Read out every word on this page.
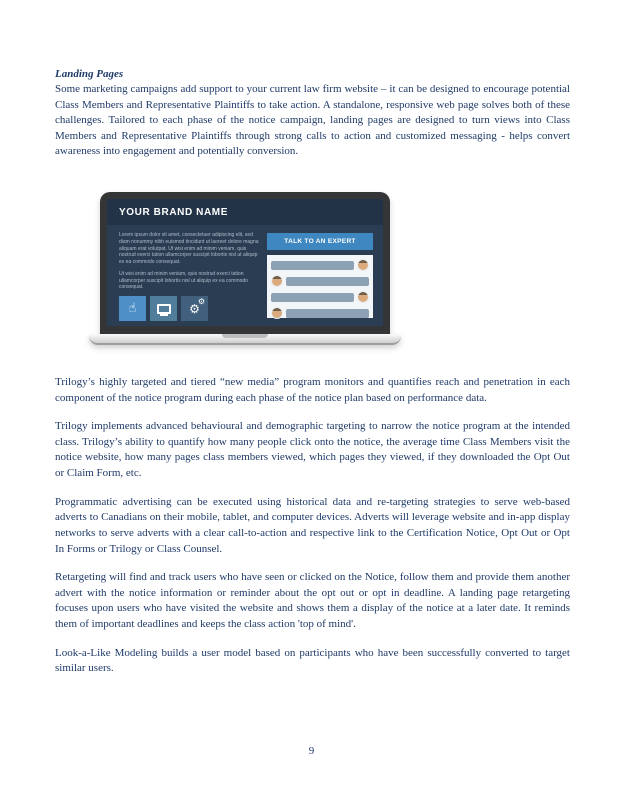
Landing Pages

Some marketing campaigns add support to your current law firm website – it can be designed to encourage potential Class Members and Representative Plaintiffs to take action. A standalone, responsive web page solves both of these challenges. Tailored to each phase of the notice campaign, landing pages are designed to turn views into Class Members and Representative Plaintiffs through strong calls to action and customized messaging - helps convert awareness into engagement and potentially conversion.

YOUR BRAND NAME

Lorem ipsum dolor sit amet, consectetuer adipiscing elit, sed diam nonummy nibh euismod tincidunt ut laoreet dolore magna aliquam erat volutpat. Ut wisi enim ad minim veniam, quis nostrud exerci tation ullamcorper suscipit lobortis nisl ut aliquip ex ea commodo consequat.

Ut wisi enim ad minim veniam, quis nostrud exerci tation ullamcorper suscipit lobortis nisl ut aliquip ex ea commodo consequat.

☝	⚙
⚙
TALK TO AN EXPERT

Trilogy’s highly targeted and tiered “new media” program monitors and quantifies reach and penetration in each component of the notice program during each phase of the notice plan based on performance data.

Trilogy implements advanced behavioural and demographic targeting to narrow the notice program at the intended class. Trilogy’s ability to quantify how many people click onto the notice, the average time Class Members visit the notice website, how many pages class members viewed, which pages they viewed, if they downloaded the Opt Out or Claim Form, etc.

Programmatic advertising can be executed using historical data and re-targeting strategies to serve web-based adverts to Canadians on their mobile, tablet, and computer devices. Adverts will leverage website and in-app display networks to serve adverts with a clear call-to-action and respective link to the Certification Notice, Opt Out or Opt In Forms or Trilogy or Class Counsel.

Retargeting will find and track users who have seen or clicked on the Notice, follow them and provide them another advert with the notice information or reminder about the opt out or opt in deadline. A landing page retargeting focuses upon users who have visited the website and shows them a display of the notice at a later date. It reminds them of important deadlines and keeps the class action 'top of mind'.

Look-a-Like Modeling builds a user model based on participants who have been successfully converted to target similar users.

9
